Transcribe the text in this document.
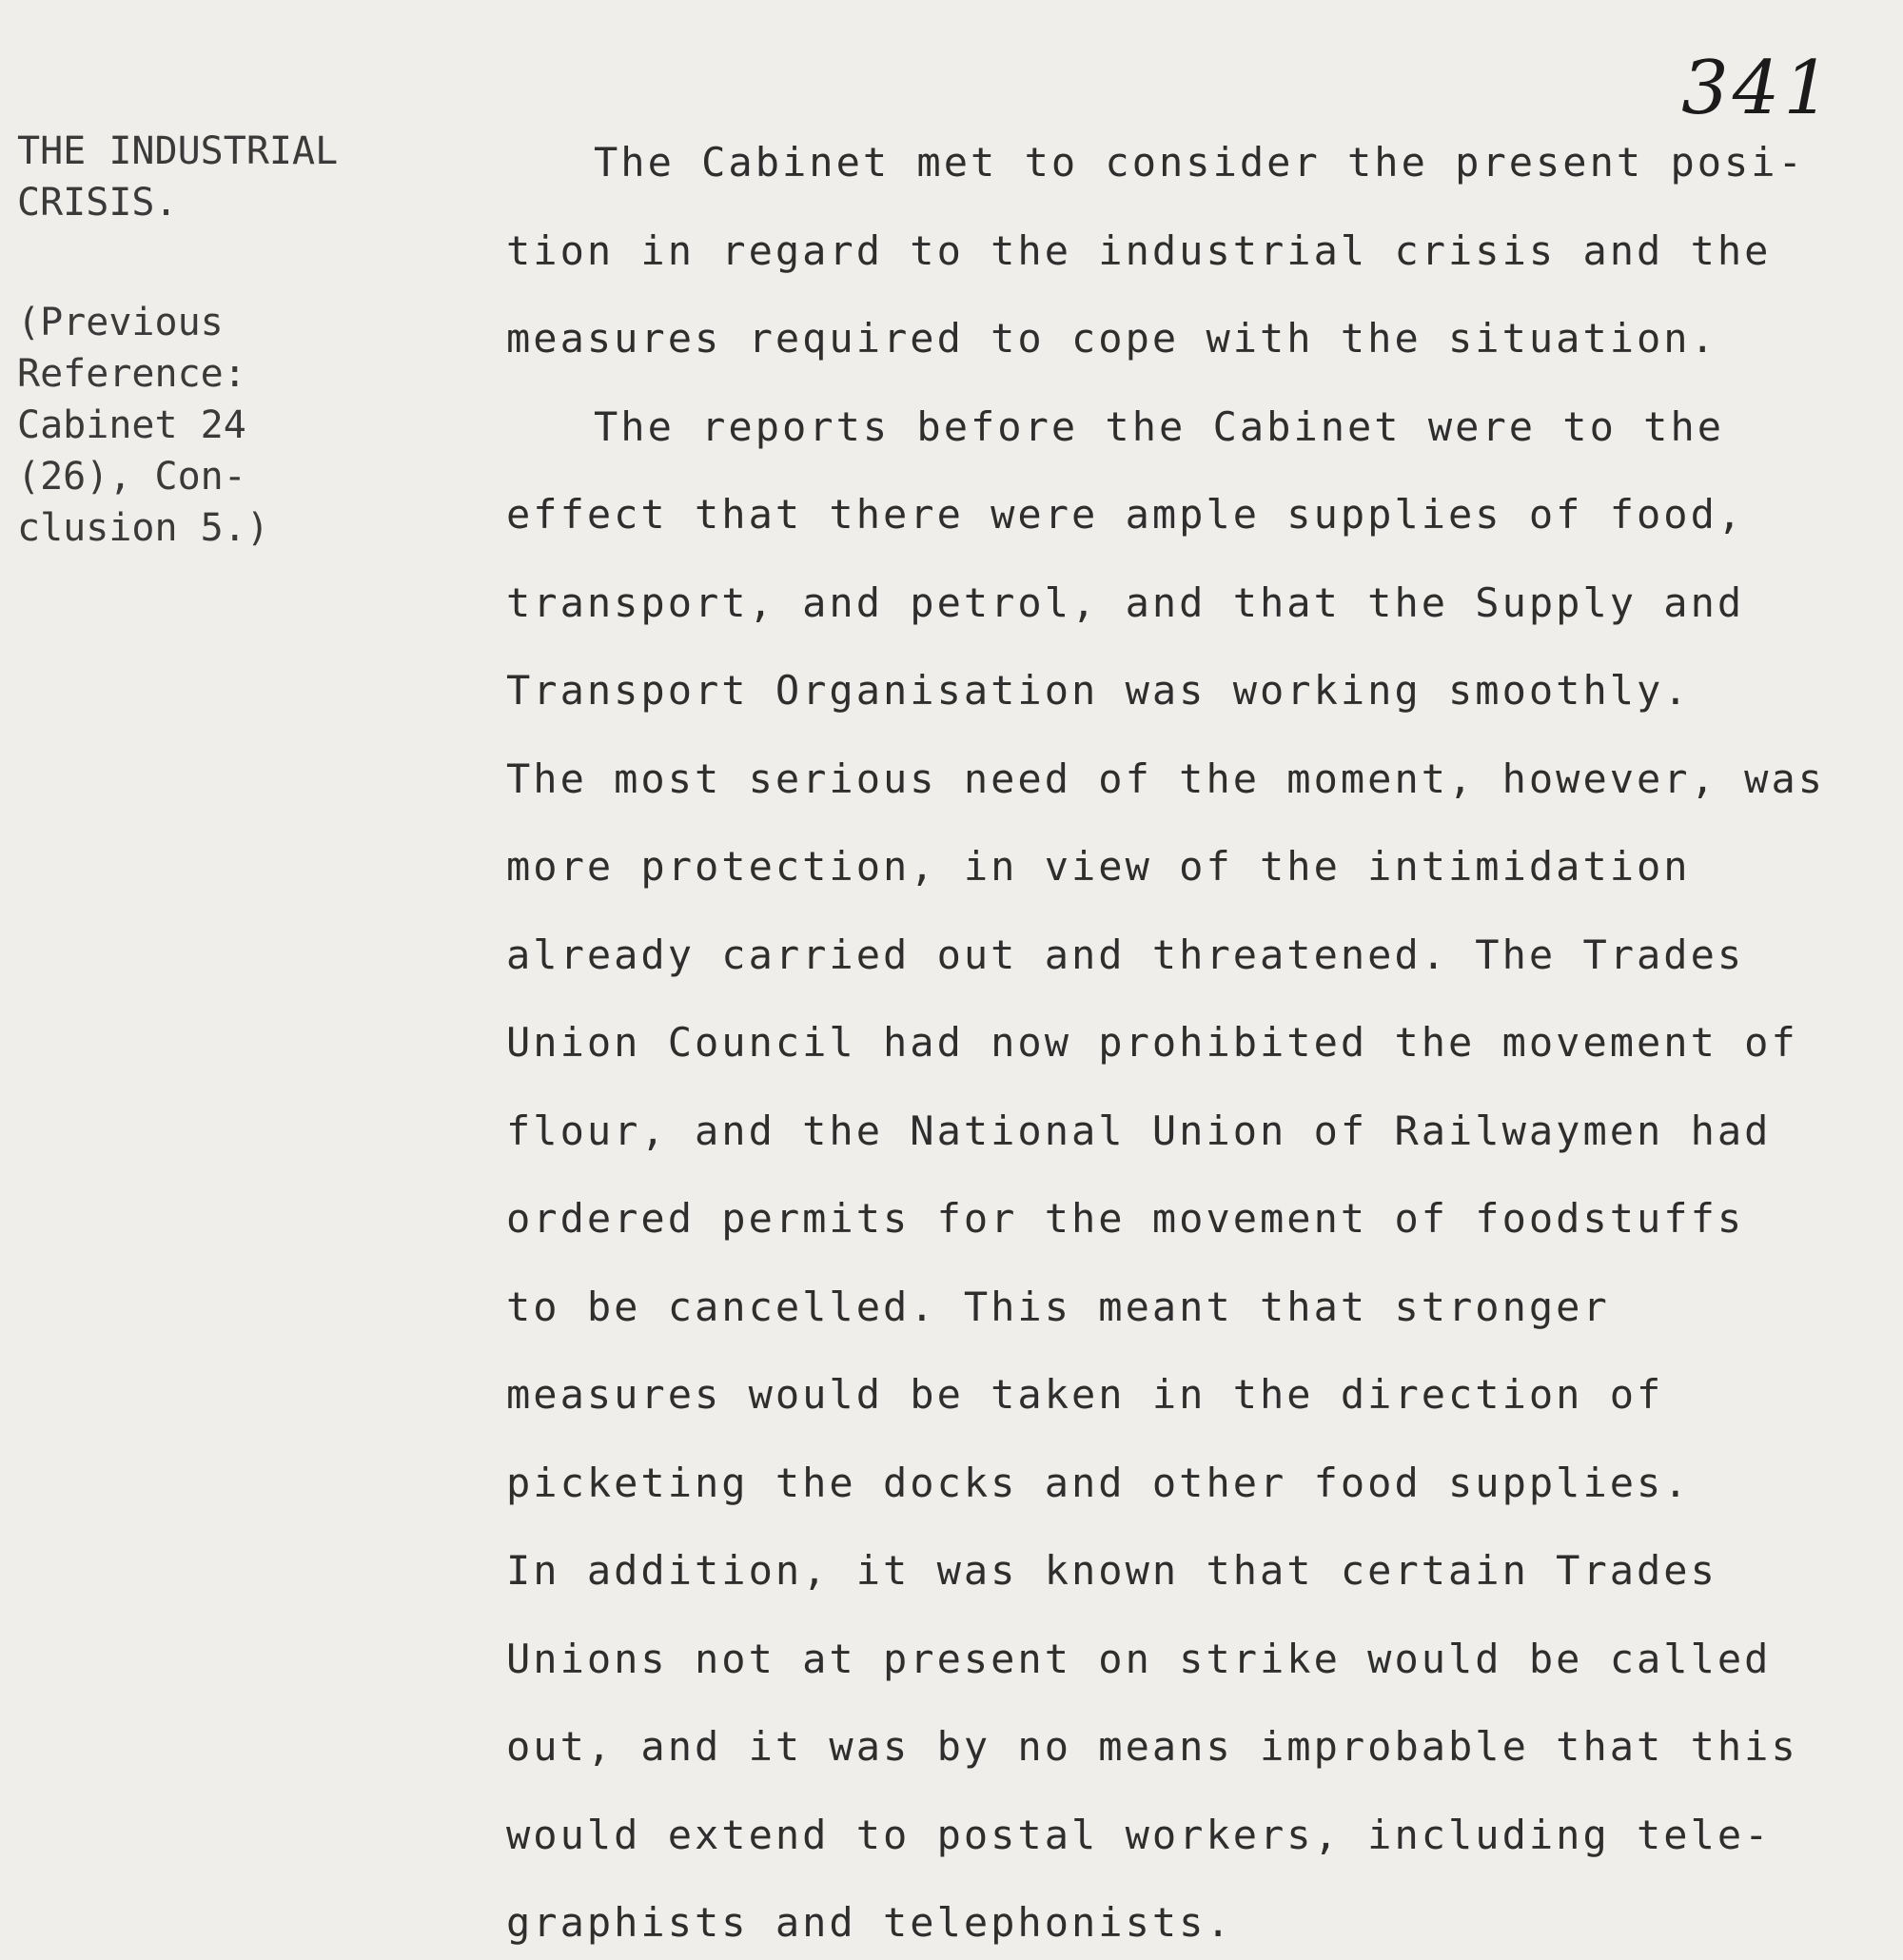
341
THE INDUSTRIAL
CRISIS.
(Previous
Reference:
Cabinet 24
(26), Con-
clusion 5.)
The Cabinet met to consider the present posi-
tion in regard to the industrial crisis and the
measures required to cope with the situation.
The reports before the Cabinet were to the
effect that there were ample supplies of food,
transport, and petrol, and that the Supply and
Transport Organisation was working smoothly.
The most serious need of the moment, however, was
more protection, in view of the intimidation
already carried out and threatened. The Trades
Union Council had now prohibited the movement of
flour, and the National Union of Railwaymen had
ordered permits for the movement of foodstuffs
to be cancelled. This meant that stronger
measures would be taken in the direction of
picketing the docks and other food supplies.
In addition, it was known that certain Trades
Unions not at present on strike would be called
out, and it was by no means improbable that this
would extend to postal workers, including tele-
graphists and telephonists.
